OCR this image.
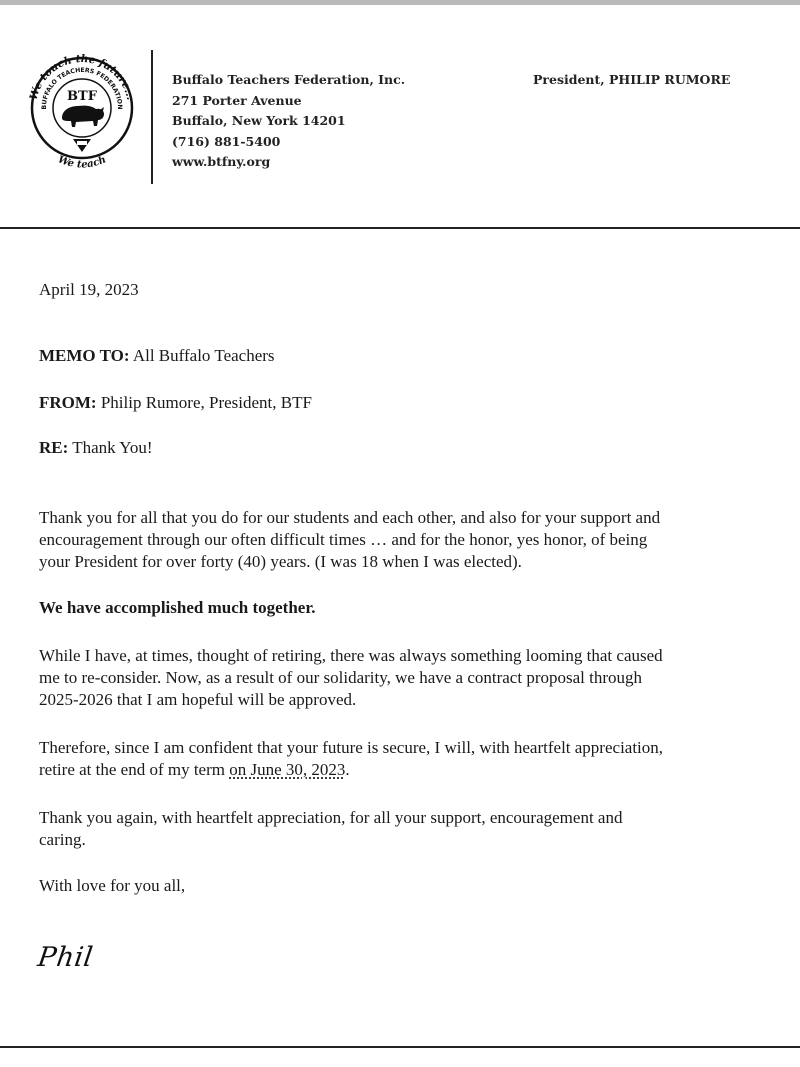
We touch the future...
BUFFALO TEACHERS FEDERATION
BTF
We teach
Buffalo Teachers Federation, Inc.
271 Porter Avenue
Buffalo, New York 14201
(716) 881-5400
www.btfny.org
President, PHILIP RUMORE
April 19, 2023
MEMO TO: All Buffalo Teachers
FROM: Philip Rumore, President, BTF
RE: Thank You!
Thank you for all that you do for our students and each other, and also for your support and
encouragement through our often difficult times … and for the honor, yes honor, of being
your President for over forty (40) years. (I was 18 when I was elected).
We have accomplished much together.
While I have, at times, thought of retiring, there was always something looming that caused
me to re-consider. Now, as a result of our solidarity, we have a contract proposal through
2025-2026 that I am hopeful will be approved.
Therefore, since I am confident that your future is secure, I will, with heartfelt appreciation,
retire at the end of my term on June 30, 2023.
Thank you again, with heartfelt appreciation, for all your support, encouragement and
caring.
With love for you all,
Phil
